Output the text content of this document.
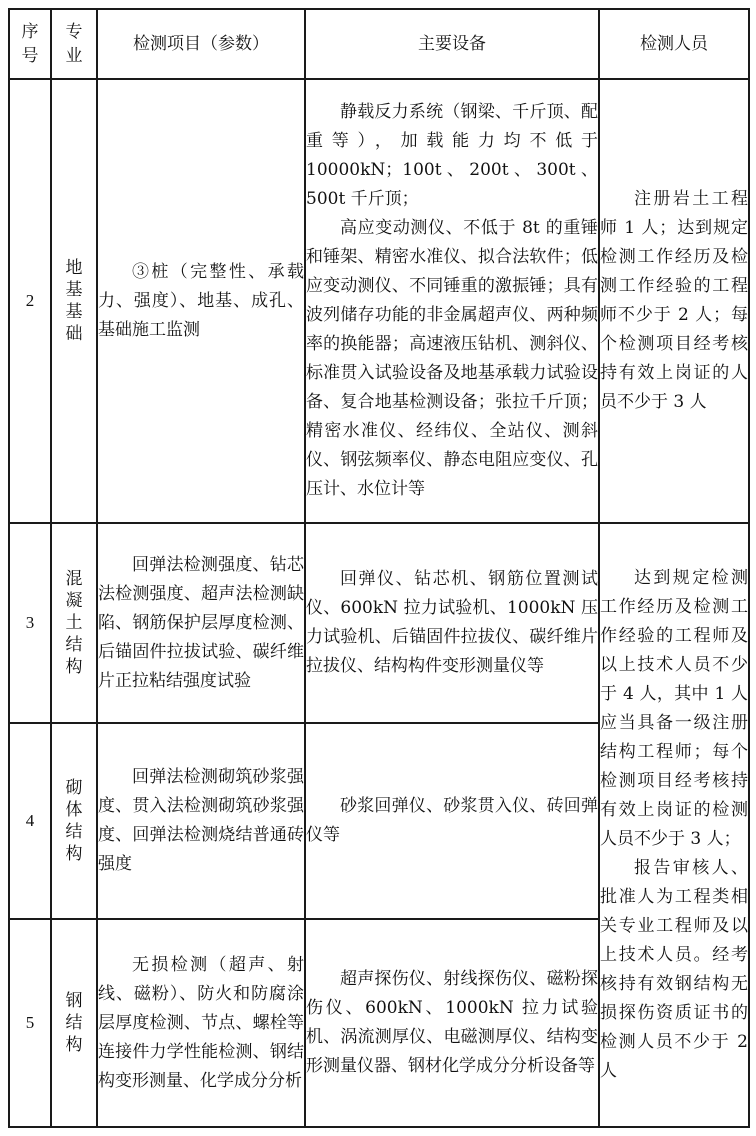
序号	专业	检测项目（参数）	主要设备	检测人员
2	地基基础	③桩（完整性、承载力、强度）、地基、成孔、基础施工监测	静载反力系统（钢梁、千斤顶、配重等），加载能力均不低于 10000kN；100t、200t、300t、500t 千斤顶；

高应变动测仪、不低于 8t 的重锤和锤架、精密水准仪、拟合法软件；低应变动测仪、不同锤重的激振锤；具有波列储存功能的非金属超声仪、两种频率的换能器；高速液压钻机、测斜仪、标准贯入试验设备及地基承载力试验设备、复合地基检测设备；张拉千斤顶；精密水准仪、经纬仪、全站仪、测斜仪、钢弦频率仪、静态电阻应变仪、孔压计、水位计等	注册岩土工程师 1 人；达到规定检测工作经历及检测工作经验的工程师不少于 2 人；每个检测项目经考核持有效上岗证的人员不少于 3 人
3	混凝土结构	回弹法检测强度、钻芯法检测强度、超声法检测缺陷、钢筋保护层厚度检测、后锚固件拉拔试验、碳纤维片正拉粘结强度试验	回弹仪、钻芯机、钢筋位置测试仪、600kN 拉力试验机、1000kN 压力试验机、后锚固件拉拔仪、碳纤维片拉拔仪、结构构件变形测量仪等	达到规定检测工作经历及检测工作经验的工程师及以上技术人员不少于 4 人，其中 1 人应当具备一级注册结构工程师；每个检测项目经考核持有效上岗证的检测人员不少于 3 人；

报告审核人、批准人为工程类相关专业工程师及以上技术人员。经考核持有效钢结构无损探伤资质证书的检测人员不少于 2 人

4	砌体结构	回弹法检测砌筑砂浆强度、贯入法检测砌筑砂浆强度、回弹法检测烧结普通砖强度	砂浆回弹仪、砂浆贯入仪、砖回弹仪等	
5	钢结构	无损检测（超声、射线、磁粉）、防火和防腐涂层厚度检测、节点、螺栓等连接件力学性能检测、钢结构变形测量、化学成分分析	超声探伤仪、射线探伤仪、磁粉探伤仪、600kN、1000kN 拉力试验机、涡流测厚仪、电磁测厚仪、结构变形测量仪器、钢材化学成分分析设备等	
